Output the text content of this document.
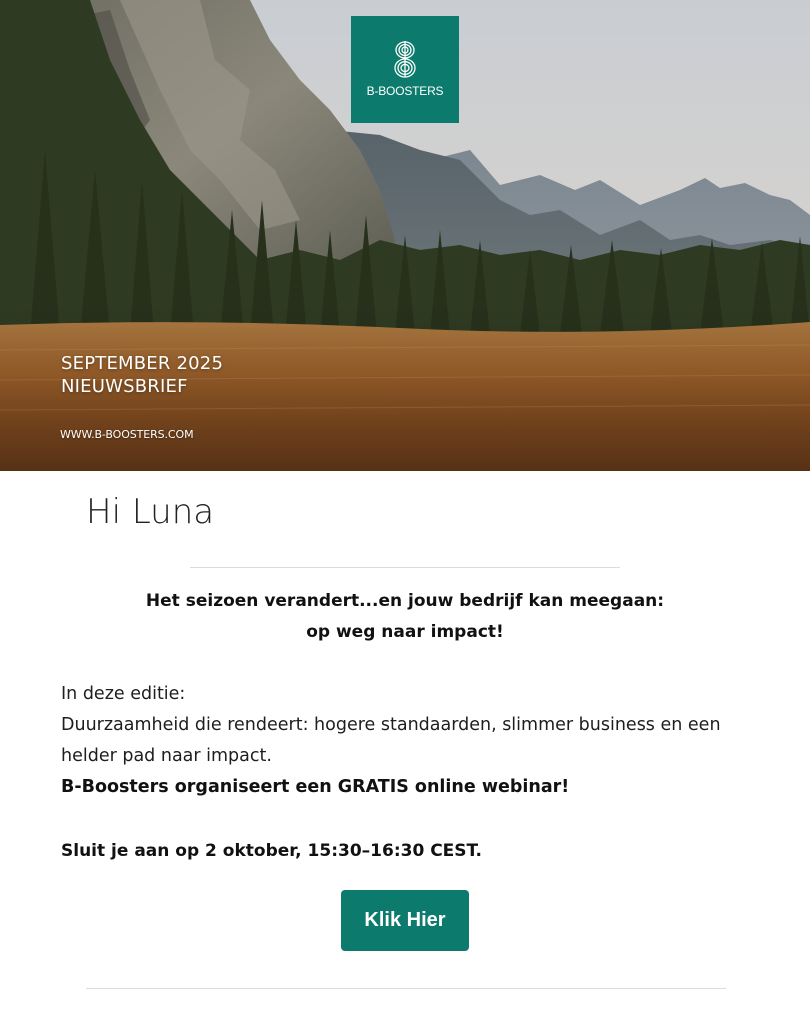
B-BOOSTERS
SEPTEMBER 2025
NIEUWSBRIEF
WWW.B-BOOSTERS.COM
Hi Luna
Het seizoen verandert...en jouw bedrijf kan meegaan:
op weg naar impact!
In deze editie:
Duurzaamheid die rendeert: hogere standaarden, slimmer business en een helder pad naar impact.
B-Boosters organiseert een GRATIS online webinar!
Sluit je aan op 2 oktober, 15:30–16:30 CEST.
Klik Hier
